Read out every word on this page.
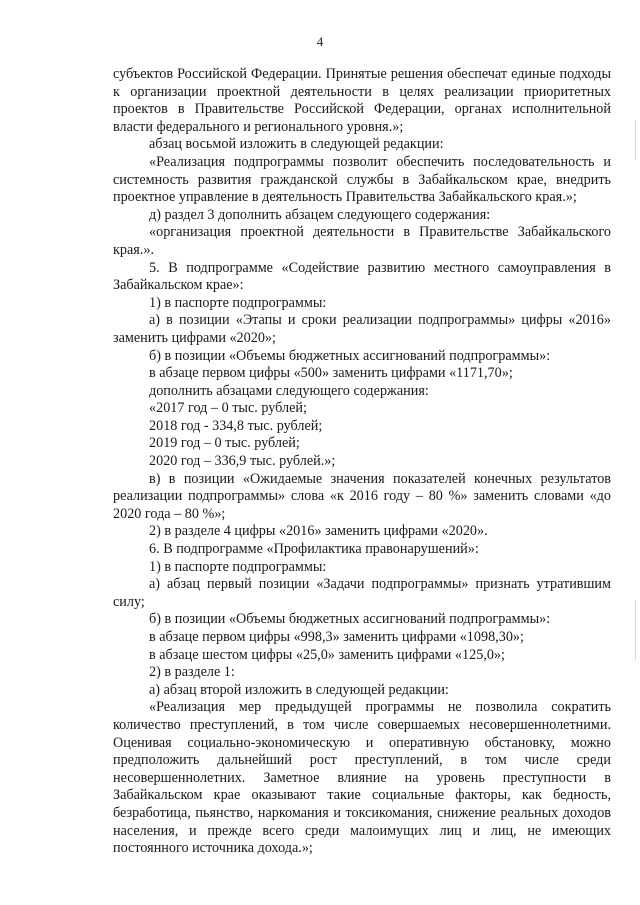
4

субъектов Российской Федерации. Принятые решения обеспечат единые подходы к организации проектной деятельности в целях реализации приоритетных проектов в Правительстве Российской Федерации, органах исполнительной власти федерального и регионального уровня.»;

абзац восьмой изложить в следующей редакции:

«Реализация подпрограммы позволит обеспечить последовательность и системность развития гражданской службы в Забайкальском крае, внедрить проектное управление в деятельность Правительства Забайкальского края.»;

д) раздел 3 дополнить абзацем следующего содержания:

«организация проектной деятельности в Правительстве Забайкальского края.».

5. В подпрограмме «Содействие развитию местного самоуправления в Забайкальском крае»:

1) в паспорте подпрограммы:

а) в позиции «Этапы и сроки реализации подпрограммы» цифры «2016» заменить цифрами «2020»;

б) в позиции «Объемы бюджетных ассигнований подпрограммы»:

в абзаце первом цифры «500» заменить цифрами «1171,70»;

дополнить абзацами следующего содержания:

«2017 год – 0 тыс. рублей;

2018 год - 334,8 тыс. рублей;

2019 год – 0 тыс. рублей;

2020 год – 336,9 тыс. рублей.»;

в) в позиции «Ожидаемые значения показателей конечных результатов реализации подпрограммы» слова «к 2016 году – 80 %» заменить словами «до 2020 года – 80 %»;

2) в разделе 4 цифры «2016» заменить цифрами «2020».

6. В подпрограмме «Профилактика правонарушений»:

1) в паспорте подпрограммы:

а) абзац первый позиции «Задачи подпрограммы» признать утратившим силу;

б) в позиции «Объемы бюджетных ассигнований подпрограммы»:

в абзаце первом цифры «998,3» заменить цифрами «1098,30»;

в абзаце шестом цифры «25,0» заменить цифрами «125,0»;

2) в разделе 1:

а) абзац второй изложить в следующей редакции:

«Реализация мер предыдущей программы не позволила сократить количество преступлений, в том числе совершаемых несовершеннолетними. Оценивая социально-экономическую и оперативную обстановку, можно предположить дальнейший рост преступлений, в том числе среди несовершеннолетних. Заметное влияние на уровень преступности в Забайкальском крае оказывают такие социальные факторы, как бедность, безработица, пьянство, наркомания и токсикомания, снижение реальных доходов населения, и прежде всего среди малоимущих лиц и лиц, не имеющих постоянного источника дохода.»;
